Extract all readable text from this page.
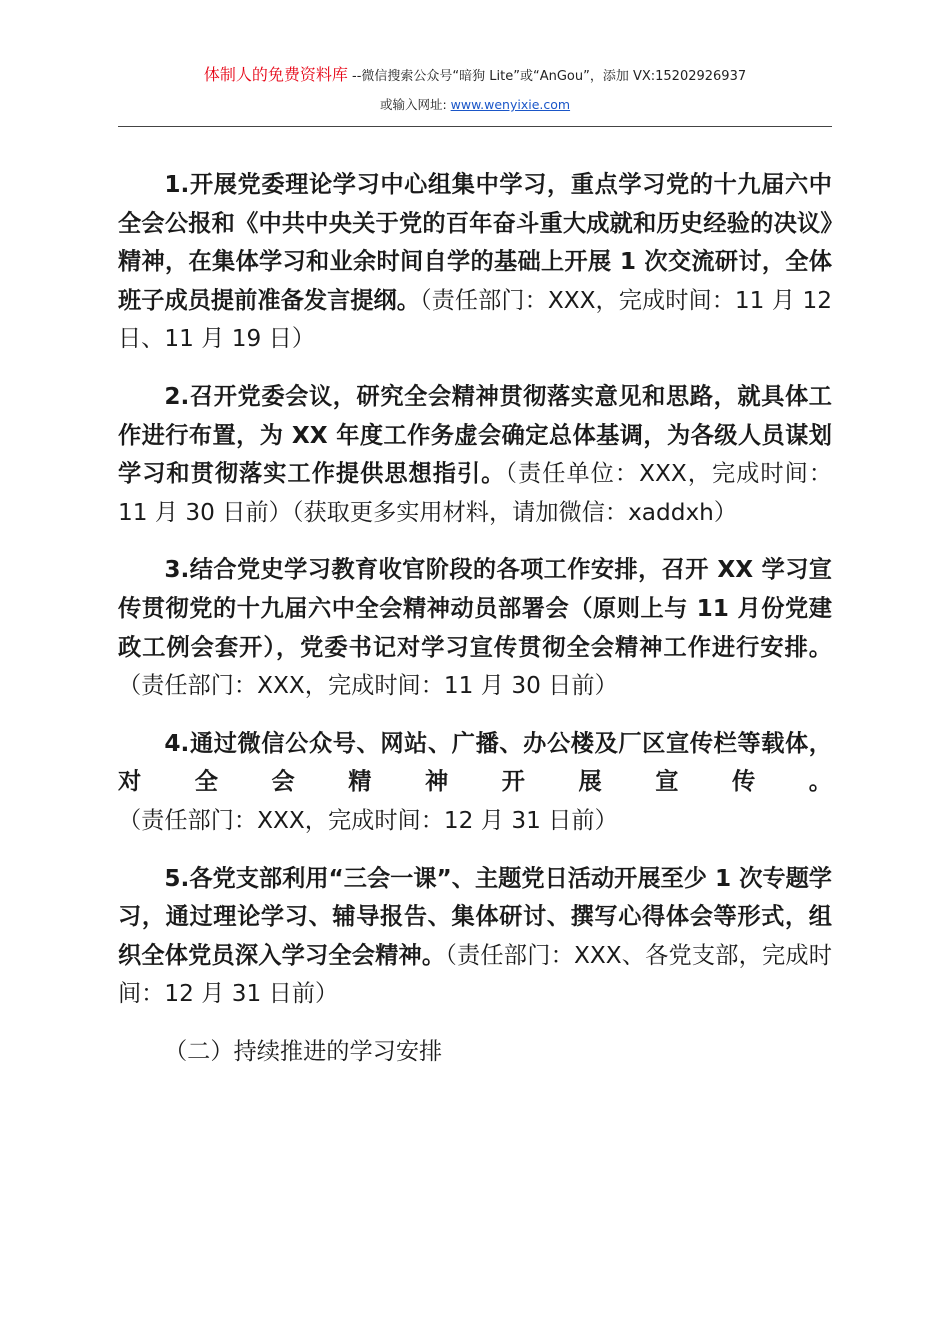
体制人的免费资料库 --微信搜索公众号“暗狗 Lite”或“AnGou”，添加 VX:15202926937
或输入网址: www.wenyixie.com

1.开展党委理论学习中心组集中学习，重点学习党的十九届六中全会公报和《中共中央关于党的百年奋斗重大成就和历史经验的决议》精神，在集体学习和业余时间自学的基础上开展 1 次交流研讨，全体班子成员提前准备发言提纲。（责任部门：XXX，完成时间：11 月 12 日、11 月 19 日）

2.召开党委会议，研究全会精神贯彻落实意见和思路，就具体工作进行布置，为 XX 年度工作务虚会确定总体基调，为各级人员谋划学习和贯彻落实工作提供思想指引。（责任单位：XXX，完成时间：11 月 30 日前）（获取更多实用材料，请加微信：xaddxh）

3.结合党史学习教育收官阶段的各项工作安排，召开 XX 学习宣传贯彻党的十九届六中全会精神动员部署会（原则上与 11 月份党建政工例会套开），党委书记对学习宣传贯彻全会精神工作进行安排。（责任部门：XXX，完成时间：11 月 30 日前）

4.通过微信公众号、网站、广播、办公楼及厂区宣传栏等载体，对全会精神开展宣传。（责任部门：XXX，完成时间：12 月 31 日前）

5.各党支部利用“三会一课”、主题党日活动开展至少 1 次专题学习，通过理论学习、辅导报告、集体研讨、撰写心得体会等形式，组织全体党员深入学习全会精神。（责任部门：XXX、各党支部，完成时间：12 月 31 日前）

（二）持续推进的学习安排
